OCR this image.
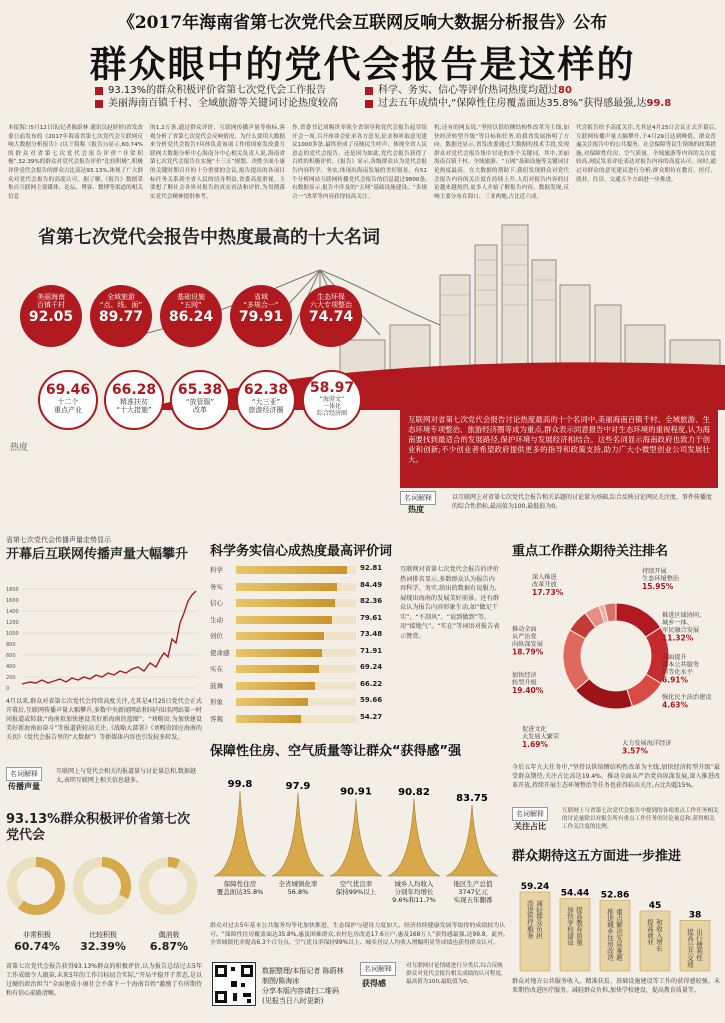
《2017年海南省第七次党代会互联网反响大数据分析报告》公布
群众眼中的党代会报告是这样的
93.13%的群众积极评价省第七次党代会工作报告
美丽海南百镇千村、全域旅游等关键词讨论热度较高
科学、务实、信心等评价热词热度均超过 80
过去五年成绩中,“保障性住房覆盖面达35.8%”获得感最强,达 99.8
本报海口5月12日讯(记者陈蔚林 通讯员赵婷婷)省发改委日前发布的《2017年海南省第七次党代会互联网反响大数据分析报告》(以下简称《报告》)显示,60.74%的群众对省第七次党代会报告评价“非常积极”,32.39%的群众对党代会报告评价“比较积极”,积极评价党代会报告的群众占比高达93.13%,体现了广大群众对党代会报告的高度认可。据了解,《报告》数据采集自互联网主要媒体、论坛、博客、微博等渠道的相关信息
的1.2万条,通过群众评价、互联网传播声量等指标,客观分析了省第七次党代会反响情况。为什么要用大数据来分析党代会报告?具体负责该项工作的国家发改委互联网大数据分析中心海南分中心相关负责人说,海南省第七次党代会报告在实施“十三五”规划、决胜全面小康的关键时期召开的十分重要的会议,报告提出的各项目标任务关系到全省人民的切身利益,省委高度重视。主要想了解社会各界对报告的真实看法和评价,为贯彻落实党代会精神提供参考。
作,省委书记刘赐贵率领全省领导和党代会报告起草组开会一周,召开座谈会征求各方意见,征求和听取意见建议1000多条,最终形成了反映民生呼声、体现全省人民意志的党代会报告。还是因为如此,党代会报告获得了百姓的积极评价。《报告》显示,各级群众认为党代会报告内容科学、务实,体现出海南发展的美好愿景。有51个分析网站互联网传播党代会报告的信息超过9800条,有数据显示,报告中涉及的“五网”基础设施建设、“多规合一”改革等内容获得较高关注。
机;还有的网友说,“坚持以供给侧结构性改革为主线,加快经济转型升级”等目标和任务,给我省发展指明了方向。数据还显示,省发改委通过大数据的技术手段,发现群众对党代会报告集中讨论的多个关键词。其中,美丽海南百镇千村、全域旅游、“五网”基础设施等关键词讨论热度最高。在大数据的帮助下,我们发现群众对党代会报告内容的关注度在持续上升,人们对报告内容的讨论越来越热烈,更多人开始了解报告内容。数据发现,反响主要分布在海口、三亚两地,占比近六成。
代会报告给予高度关注,尤其是4月25日会议正式开幕后,互联网传播声量大幅攀升,于4月29日达到峰值。群众普遍关注报告中的公共服务、社会保障等民生领域的政策措施,对保障性住房、空气质量、全域旅游等内容的关注度较高,网民发表评论表达对报告内容的高度认可。同时,通过对群众的意见建议进行分析,群众期待在教育、医疗、就业、住房、交通五个方面进一步推进。
省第七次党代会报告中热度最高的十大名词
美丽海南
百镇千村
92.05
全域旅游
“点、线、面”
89.77
基础设施
“五网”
86.24
省域
“多规合一”
79.91
生态环保
六大专项整治
74.74
热度
69.46
十二个
重点产业
66.28
精准扶贫
“十大措施”
65.38
“放管服”
改革
62.38
“大三亚”
旅游经济圈
58.97
“海澄文”
一体化
综合经济圈
互联网对省第七次党代会报告讨论热度最高的十个名词中,美丽海南百镇千村、全域旅游、生态环境专项整治、旅游经济圈等成为重点,群众表示同意报告中对生态环境的重视程度,认为海南要找到最适合的发展路径,保护环境与发展经济相结合。这些名词显示海南政府也致力于创业和创新;不少创业者希望政府提供更多的指导和政策支持,助力广大小微型创业公司发展壮大。
名词解释
热度
以互联网上对省第七次党代会报告相关话题的讨论量为基础,综合反映讨论网民关注度、事件传播度的综合性指标,最高值为100,最低值为0。
省第七次党代会传播声量走势显示
开幕后互联网传播声量大幅攀升
1800
1600
1400
1200
1000
800
600
400
200
0
4月以来,群众对省第七次党代会持续高度关注,尤其是4月25日党代会正式开幕后,互联网传播声量大幅攀升,多数中央新闻网站和国内知名网站第一时间报道或转载;“海南拟加快建设美好新海南的蓝图”、“刘赐贵:为加快建设美好新海南而奋斗”等报道获较高关注,《战略大部署》《刘赐贵回应海南的关切》《党代会报告里的“大数据”》等新媒体内容也引发较多转发。
名词解释
传播声量
互联网上与党代会相关的报道量与讨论量总和,数据越大,表明互联网上相关信息越多。
科学务实信心成热度最高评价词
科学	92.81
务实	84.49
信心	82.36
生动	79.61
创位	73.48
使命感	71.91
实在	69.24
鼓舞	66.22
形象	59.66
客观	54.27
互联网对省第七次党代会报告的评价热词排名显示,多数群众认为报告内容科学、务实,给出的数据有说服力,展现出海南的发展美好前景。还有群众认为报告内容形象生动,如“做足干实”、“不刮风”、“说到做到”等,用“接地气”、“实在”等词语对报告表示赞赏。
保障性住房、空气质量等让群众“获得感”强
99.8	97.9
90.91	90.82
83.75
保障性住房
覆盖面达35.8%
全省城镇化率
56.8%
空气优良率
保持99%以上
城乡人均收入
分别年均增长
9.6%和11.7%
地区生产总值
3747亿元
实现五年翻番
群众对过去5年基本公共服务均等化加快推进、生态保护与建设力度加大、经济持续健康发展等取得的成绩较为认可。“保障性住房覆盖面达35.8%,惠及困难群众,农村危房改造17.6万户,惠及168万人”获得感最强,达99.8。此外,全省城镇化率提高6.3个百分点、空气优良率保持99%以上、城乡居民人均收入增幅明显等成绩也获得群众认可。
数据整理/本报记者 陈蔚林
制图/陈海冰
分享本版内容请扫二维码
(见报当日八时更新)
名词解释
获得感
对互联网讨论情绪进行分类后,综合反映群众对党代会报告相关成绩的认可程度,最高值为100,最低值为0。
93.13%群众积极评价省第七次党代会
非常积极
60.74%
比较积极
32.39%
偶消极
6.87%
省第七次党代会报告获得93.13%群众的积极评价,认为报告总结过去5年工作成绩令人振奋,未来5年的工作目标切合实际,“开局平稳开干常态,是以过硬的政治担当”全面建成小康社会不落下一个海南百姓”激励了有所期待和有信心前路清晰。
重点工作群众期待关注排名
持续开展
生态环境整治
15.95%
深入推进
改革开放
17.73%
推进区域协同、
城乡一体、
军民融合发展
11.32%
推动全面
从严治党
向纵深发展
18.79%
加快经济
转型升级
19.40%
全面提升
基本公共服务
均等化水平
6.91%
强化民主法治建设
4.63%
促进文化
大发展大繁荣
1.69%	大力发展海洋经济
3.57%
今后五年九大任务中,“坚持以供给侧结构性改革为主线,加快经济转型升级”最受群众期待,关注占比高达19.4%。推动全面从严治党向纵深发展,深入推进改革开放,持续开展生态环境整治等任务也获得较高关注,占比均超15%。
名词解释
关注占比
互联网上与省第七次党代会报告中提到的各项重点工作任务相关的讨论量除以对报告所有重点工作任务的讨论量总和,获得相关工作关注度的比例。
群众期待这五方面进一步推进
59.24
改进医疗服务 减轻群众负担
54.44
加快学校建设 提高教育质量
52.86
推进城乡住房改造 重点解决安居难题
45
提高就业 和收入增长
38
提高公共交通 出行便利性
群众对地方公共服务收入、精准扶贫、基础设施建设等工作的获得感较强。未来期待改进医疗服务、减轻群众负担,加快学校建设、提高教育质量等。
